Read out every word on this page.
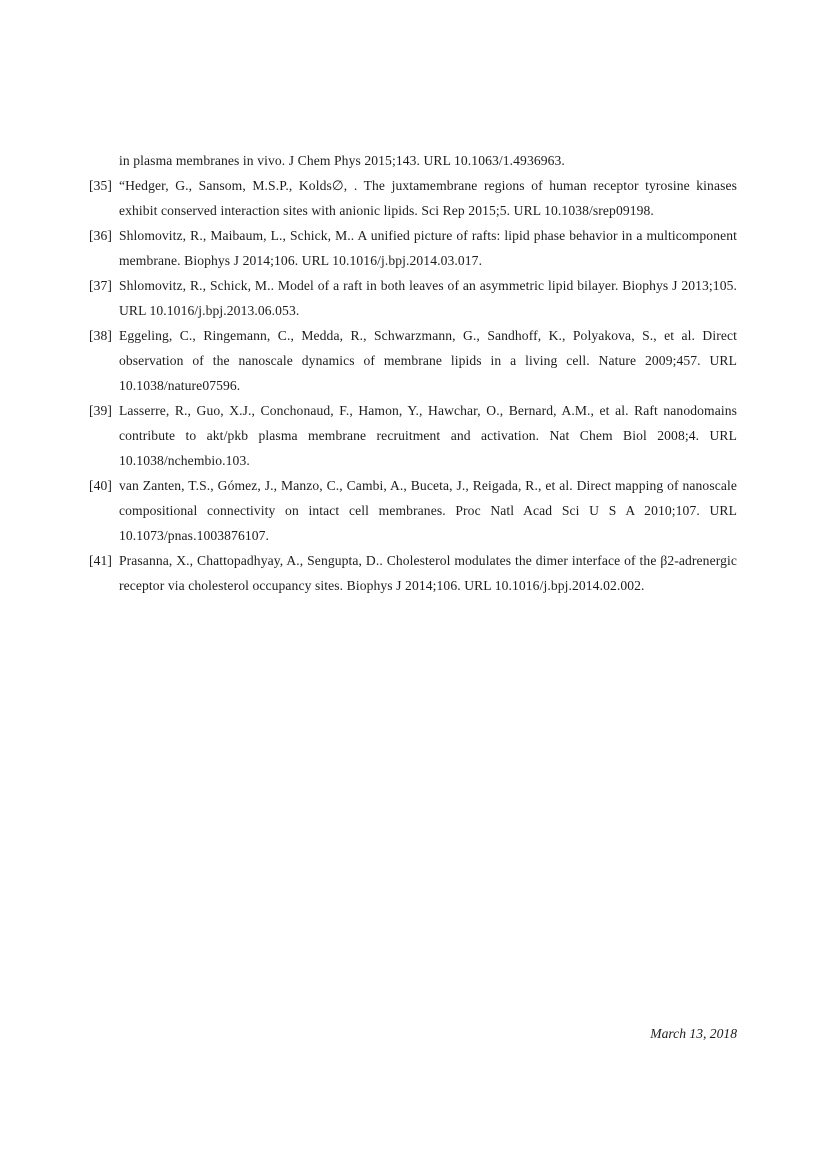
in plasma membranes in vivo. J Chem Phys 2015;143. URL 10.1063/1.4936963.
[35] “Hedger, G., Sansom, M.S.P., Kolds∅, . The juxtamembrane regions of human receptor tyrosine kinases exhibit conserved interaction sites with anionic lipids. Sci Rep 2015;5. URL 10.1038/srep09198.
[36] Shlomovitz, R., Maibaum, L., Schick, M.. A unified picture of rafts: lipid phase behavior in a multicomponent membrane. Biophys J 2014;106. URL 10.1016/j.bpj.2014.03.017.
[37] Shlomovitz, R., Schick, M.. Model of a raft in both leaves of an asymmetric lipid bilayer. Biophys J 2013;105. URL 10.1016/j.bpj.2013.06.053.
[38] Eggeling, C., Ringemann, C., Medda, R., Schwarzmann, G., Sandhoff, K., Polyakova, S., et al. Direct observation of the nanoscale dynamics of membrane lipids in a living cell. Nature 2009;457. URL 10.1038/nature07596.
[39] Lasserre, R., Guo, X.J., Conchonaud, F., Hamon, Y., Hawchar, O., Bernard, A.M., et al. Raft nanodomains contribute to akt/pkb plasma membrane recruitment and activation. Nat Chem Biol 2008;4. URL 10.1038/nchembio.103.
[40] van Zanten, T.S., Gómez, J., Manzo, C., Cambi, A., Buceta, J., Reigada, R., et al. Direct mapping of nanoscale compositional connectivity on intact cell membranes. Proc Natl Acad Sci U S A 2010;107. URL 10.1073/pnas.1003876107.
[41] Prasanna, X., Chattopadhyay, A., Sengupta, D.. Cholesterol modulates the dimer interface of the β2-adrenergic receptor via cholesterol occupancy sites. Biophys J 2014;106. URL 10.1016/j.bpj.2014.02.002.
March 13, 2018
